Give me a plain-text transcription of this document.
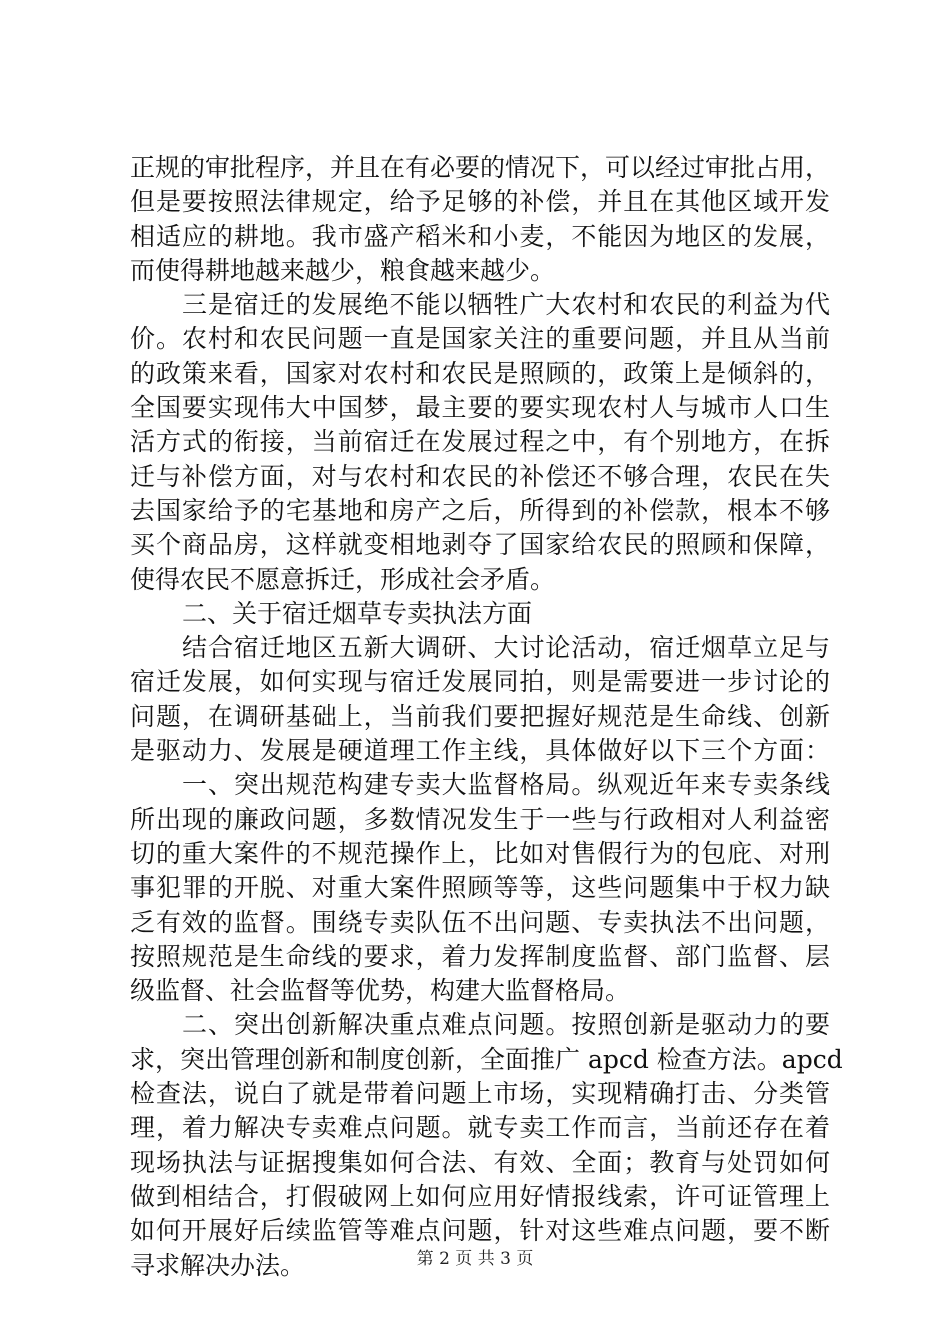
正规的审批程序，并且在有必要的情况下，可以经过审批占用，
但是要按照法律规定，给予足够的补偿，并且在其他区域开发
相适应的耕地。我市盛产稻米和小麦，不能因为地区的发展，
而使得耕地越来越少，粮食越来越少。
三是宿迁的发展绝不能以牺牲广大农村和农民的利益为代
价。农村和农民问题一直是国家关注的重要问题，并且从当前
的政策来看，国家对农村和农民是照顾的，政策上是倾斜的，
全国要实现伟大中国梦，最主要的要实现农村人与城市人口生
活方式的衔接，当前宿迁在发展过程之中，有个别地方，在拆
迁与补偿方面，对与农村和农民的补偿还不够合理，农民在失
去国家给予的宅基地和房产之后，所得到的补偿款，根本不够
买个商品房，这样就变相地剥夺了国家给农民的照顾和保障，
使得农民不愿意拆迁，形成社会矛盾。
二、关于宿迁烟草专卖执法方面
结合宿迁地区五新大调研、大讨论活动，宿迁烟草立足与
宿迁发展，如何实现与宿迁发展同拍，则是需要进一步讨论的
问题，在调研基础上，当前我们要把握好规范是生命线、创新
是驱动力、发展是硬道理工作主线，具体做好以下三个方面：
一、突出规范构建专卖大监督格局。纵观近年来专卖条线
所出现的廉政问题，多数情况发生于一些与行政相对人利益密
切的重大案件的不规范操作上，比如对售假行为的包庇、对刑
事犯罪的开脱、对重大案件照顾等等，这些问题集中于权力缺
乏有效的监督。围绕专卖队伍不出问题、专卖执法不出问题，
按照规范是生命线的要求，着力发挥制度监督、部门监督、层
级监督、社会监督等优势，构建大监督格局。
二、突出创新解决重点难点问题。按照创新是驱动力的要
求，突出管理创新和制度创新，全面推广 apcd 检查方法。apcd
检查法，说白了就是带着问题上市场，实现精确打击、分类管
理，着力解决专卖难点问题。就专卖工作而言，当前还存在着
现场执法与证据搜集如何合法、有效、全面；教育与处罚如何
做到相结合，打假破网上如何应用好情报线索，许可证管理上
如何开展好后续监管等难点问题，针对这些难点问题，要不断
寻求解决办法。	第 2 页 共 3 页
